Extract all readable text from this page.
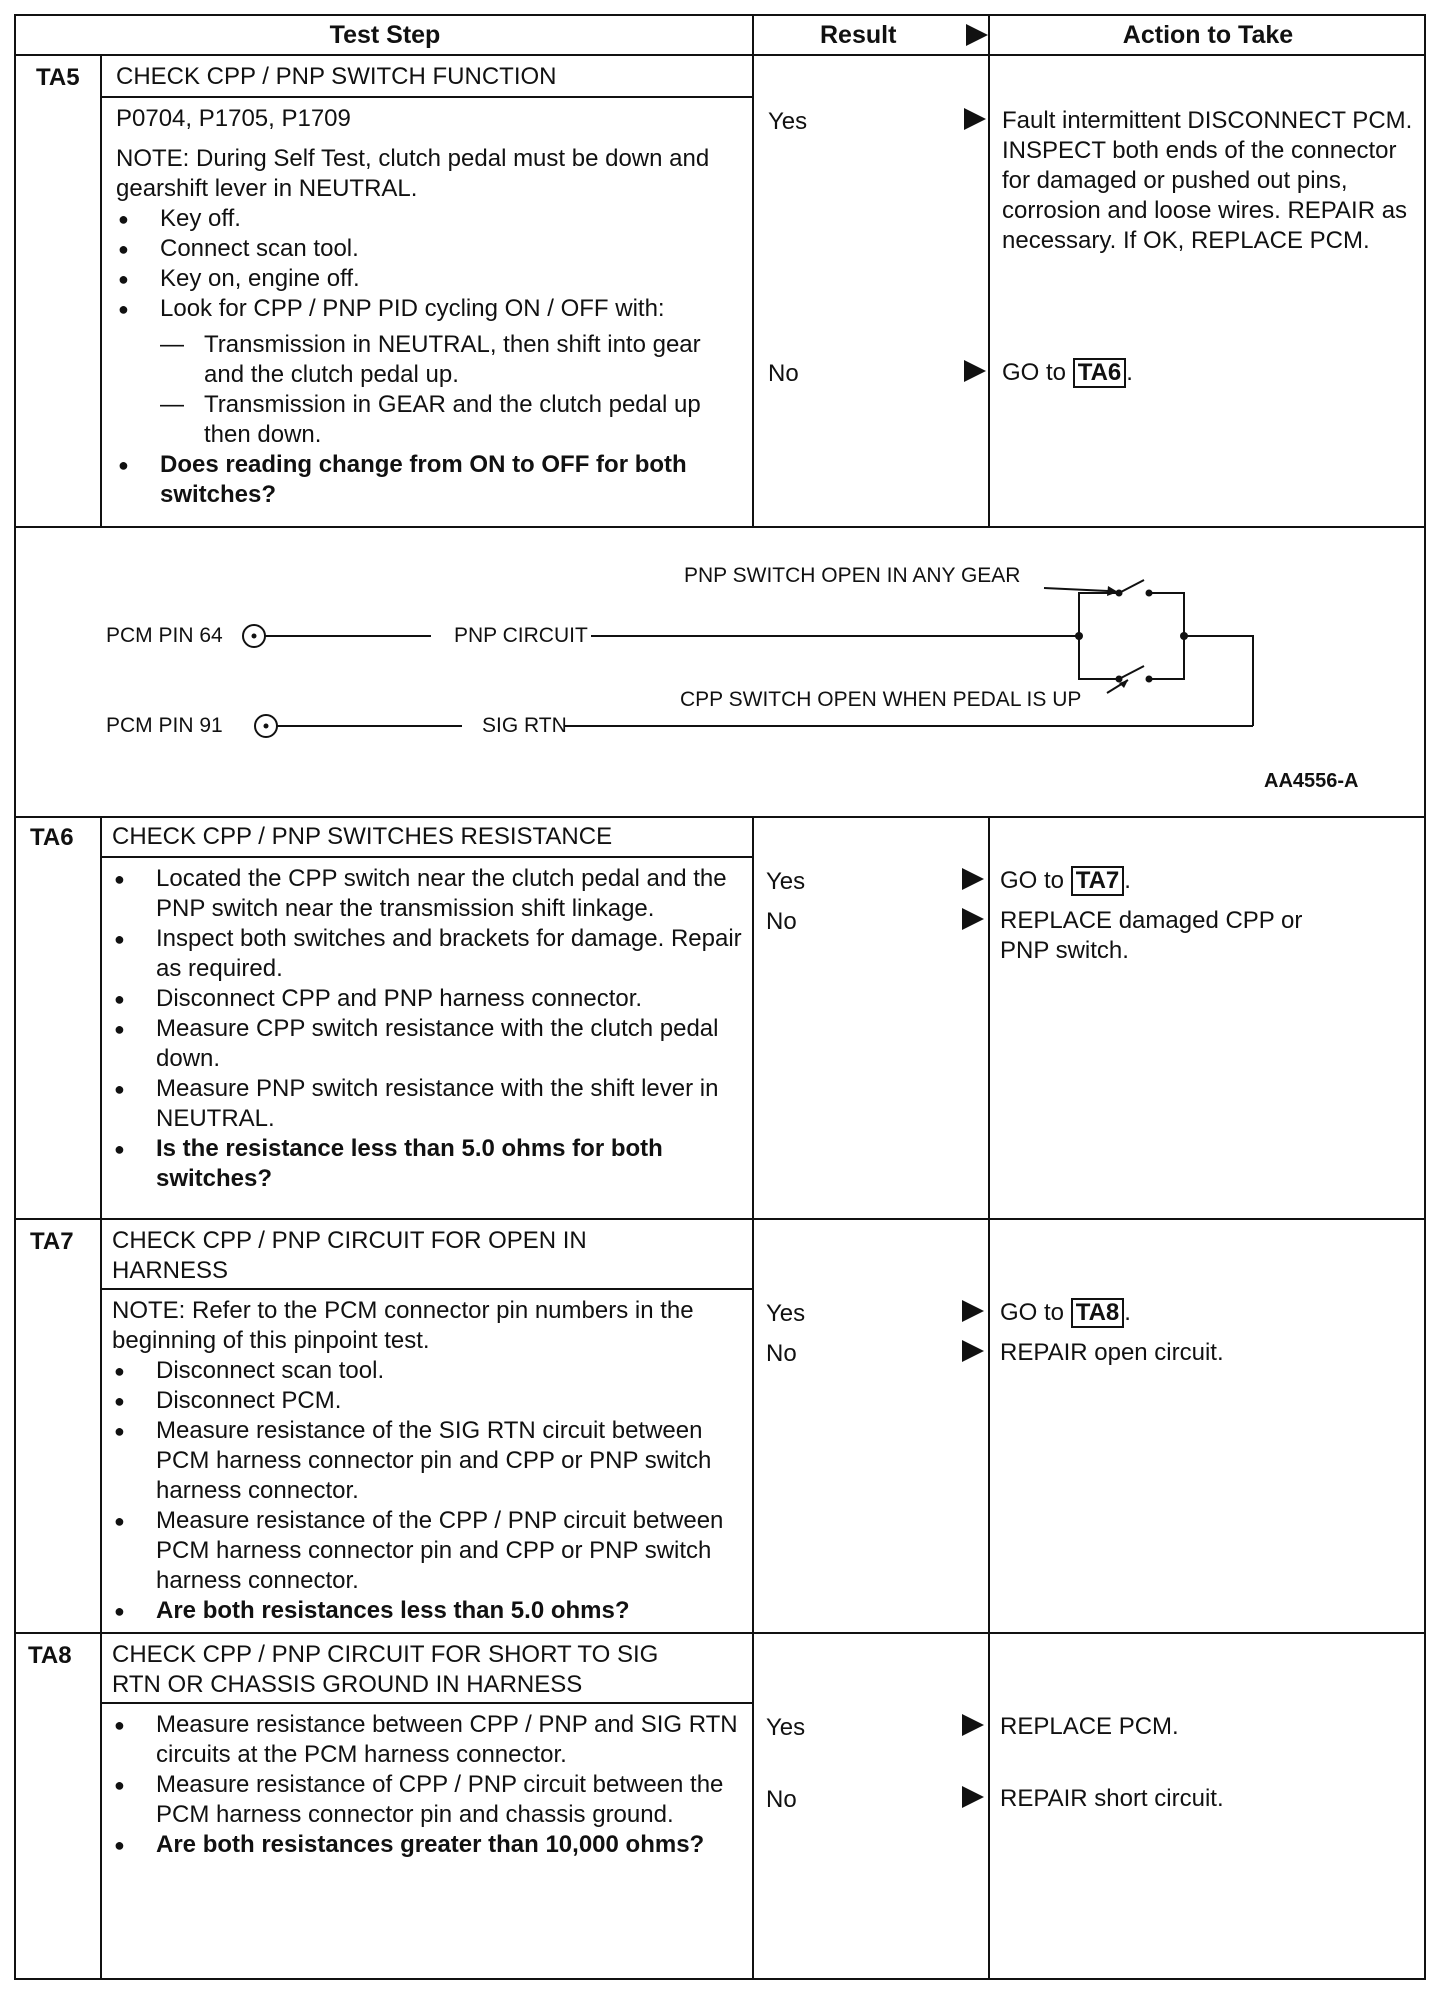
Test Step	Result	Action to Take
TA5 CHECK CPP / PNP SWITCH FUNCTION
P0704, P1705, P1709
NOTE: During Self Test, clutch pedal must be down and gearshift lever in NEUTRAL.
● Key off.
● Connect scan tool.
● Key on, engine off.
● Look for CPP / PNP PID cycling ON / OFF with:
— Transmission in NEUTRAL, then shift into gear and the clutch pedal up.
— Transmission in GEAR and the clutch pedal up then down.
● Does reading change from ON to OFF for both switches?
Yes	Fault intermittent DISCONNECT PCM. INSPECT both ends of the connector for damaged or pushed out pins, corrosion and loose wires. REPAIR as necessary. If OK, REPLACE PCM.
No	GO to TA6 .
PNP SWITCH OPEN IN ANY GEAR
PCM PIN 64	PNP CIRCUIT
CPP SWITCH OPEN WHEN PEDAL IS UP
PCM PIN 91	SIG RTN
AA4556-A
TA6 CHECK CPP / PNP SWITCHES RESISTANCE
● Located the CPP switch near the clutch pedal and the PNP switch near the transmission shift linkage.
● Inspect both switches and brackets for damage. Repair as required.
● Disconnect CPP and PNP harness connector.
● Measure CPP switch resistance with the clutch pedal down.
● Measure PNP switch resistance with the shift lever in NEUTRAL.
● Is the resistance less than 5.0 ohms for both switches?
Yes	GO to TA7 .
No	REPLACE damaged CPP or PNP switch.
TA7 CHECK CPP / PNP CIRCUIT FOR OPEN IN HARNESS
NOTE: Refer to the PCM connector pin numbers in the beginning of this pinpoint test.
● Disconnect scan tool.
● Disconnect PCM.
● Measure resistance of the SIG RTN circuit between PCM harness connector pin and CPP or PNP switch harness connector.
● Measure resistance of the CPP / PNP circuit between PCM harness connector pin and CPP or PNP switch harness connector.
● Are both resistances less than 5.0 ohms?
Yes	GO to TA8 .
No	REPAIR open circuit.
TA8 CHECK CPP / PNP CIRCUIT FOR SHORT TO SIG RTN OR CHASSIS GROUND IN HARNESS
● Measure resistance between CPP / PNP and SIG RTN circuits at the PCM harness connector.
● Measure resistance of CPP / PNP circuit between the PCM harness connector pin and chassis ground.
● Are both resistances greater than 10,000 ohms?
Yes	REPLACE PCM.
No	REPAIR short circuit.
